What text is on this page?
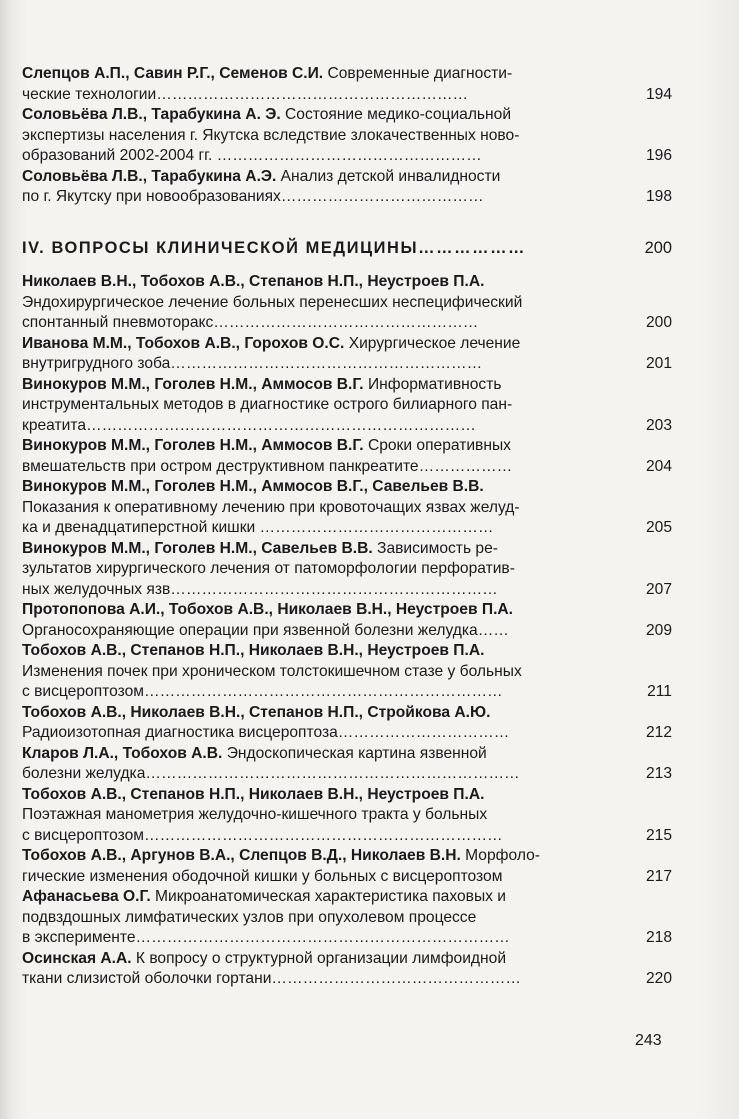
Слепцов А.П., Савин Р.Г., Семенов С.И. Современные диагности-
ческие технологии……………………………………………………	194
Соловьёва Л.В., Тарабукина А. Э. Состояние медико-социальной
экспертизы населения г. Якутска вследствие злокачественных ново-
образований 2002-2004 гг. ……………………………………………	196
Соловьёва Л.В., Тарабукина А.Э. Анализ детской инвалидности
по г. Якутску при новообразованиях…………………………………	198
IV. ВОПРОСЫ КЛИНИЧЕСКОЙ МЕДИЦИНЫ………………	200
Николаев В.Н., Тобохов А.В., Степанов Н.П., Неустроев П.А.
Эндохирургическое лечение больных перенесших неспецифический
спонтанный пневмоторакс……………………………………………	200
Иванова М.М., Тобохов А.В., Горохов О.С. Хирургическое лечение
внутригрудного зоба……………………………………………………	201
Винокуров М.М., Гоголев Н.М., Аммосов В.Г. Информативность
инструментальных методов в диагностике острого билиарного пан-
креатита…………………………………………………………………	203
Винокуров М.М., Гоголев Н.М., Аммосов В.Г. Сроки оперативных
вмешательств при остром деструктивном панкреатите………………	204
Винокуров М.М., Гоголев Н.М., Аммосов В.Г., Савельев В.В.
Показания к оперативному лечению при кровоточащих язвах желуд-
ка и двенадцатиперстной кишки ………………………………………	205
Винокуров М.М., Гоголев Н.М., Савельев В.В. Зависимость ре-
зультатов хирургического лечения от патоморфологии перфоратив-
ных желудочных язв………………………………………………………	207
Протопопова А.И., Тобохов А.В., Николаев В.Н., Неустроев П.А.
Органосохраняющие операции при язвенной болезни желудка……	209
Тобохов А.В., Степанов Н.П., Николаев В.Н., Неустроев П.А.
Изменения почек при хроническом толстокишечном стазе у больных
с висцероптозом……………………………………………………………	211
Тобохов А.В., Николаев В.Н., Степанов Н.П., Стройкова А.Ю.
Радиоизотопная диагностика висцероптоза……………………………	212
Кларов Л.А., Тобохов А.В. Эндоскопическая картина язвенной
болезни желудка………………………………………………………………	213
Тобохов А.В., Степанов Н.П., Николаев В.Н., Неустроев П.А.
Поэтажная манометрия желудочно-кишечного тракта у больных
с висцероптозом……………………………………………………………	215
Тобохов А.В., Аргунов В.А., Слепцов В.Д., Николаев В.Н. Морфоло-
гические изменения ободочной кишки у больных с висцероптозом	217
Афанасьева О.Г. Микроанатомическая характеристика паховых и
подвздошных лимфатических узлов при опухолевом процессе
в эксперименте………………………………………………………………	218
Осинская А.А. К вопросу о структурной организации лимфоидной
ткани слизистой оболочки гортани…………………………………………	220
243
